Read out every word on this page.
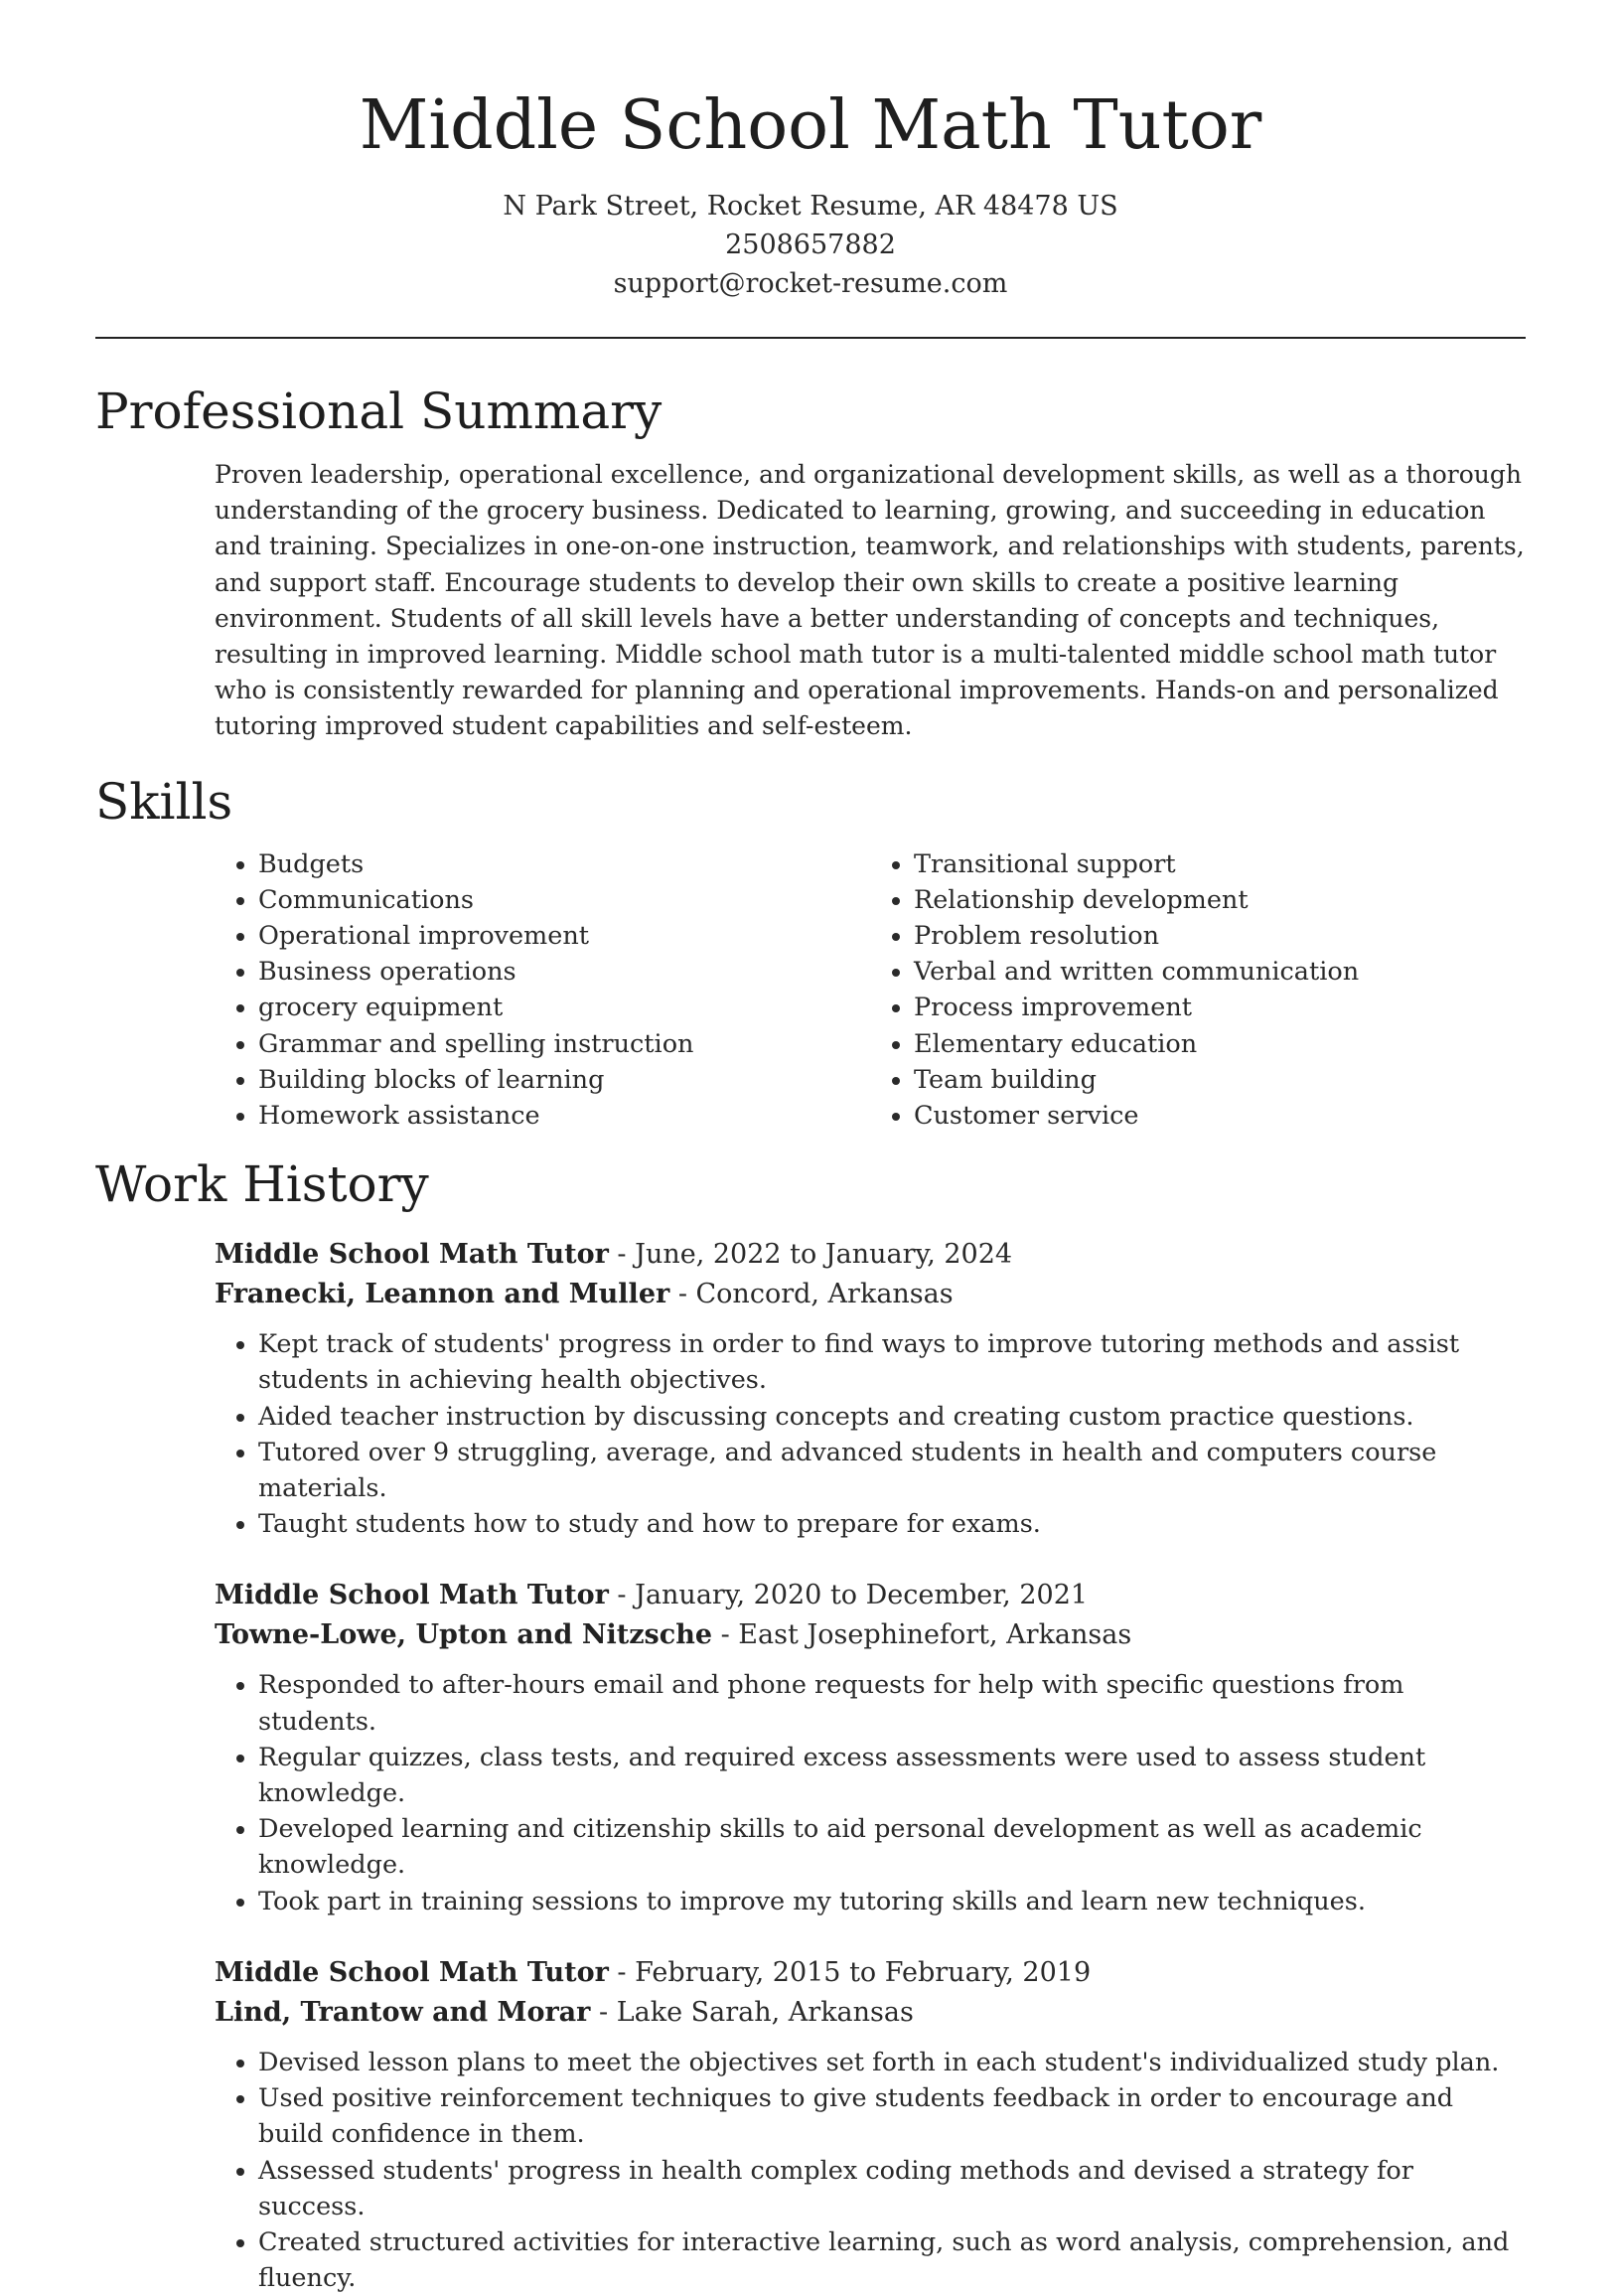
Middle School Math Tutor
N Park Street, Rocket Resume, AR 48478 US
2508657882
support@rocket-resume.com
Professional Summary

Proven leadership, operational excellence, and organizational development skills, as well as a thorough understanding of the grocery business. Dedicated to learning, growing, and succeeding in education and training. Specializes in one-on-one instruction, teamwork, and relationships with students, parents, and support staff. Encourage students to develop their own skills to create a positive learning environment. Students of all skill levels have a better understanding of concepts and techniques, resulting in improved learning. Middle school math tutor is a multi-talented middle school math tutor who is consistently rewarded for planning and operational improvements. Hands-on and personalized tutoring improved student capabilities and self-esteem.

Skills
• Budgets
• Communications
• Operational improvement
• Business operations
• grocery equipment
• Grammar and spelling instruction
• Building blocks of learning
• Homework assistance
• Transitional support
• Relationship development
• Problem resolution
• Verbal and written communication
• Process improvement
• Elementary education
• Team building
• Customer service
Work History
Middle School Math Tutor - June, 2022 to January, 2024
Franecki, Leannon and Muller - Concord, Arkansas
• Kept track of students' progress in order to find ways to improve tutoring methods and assist students in achieving health objectives.
• Aided teacher instruction by discussing concepts and creating custom practice questions.
• Tutored over 9 struggling, average, and advanced students in health and computers course materials.
• Taught students how to study and how to prepare for exams.
Middle School Math Tutor - January, 2020 to December, 2021
Towne-Lowe, Upton and Nitzsche - East Josephinefort, Arkansas
• Responded to after-hours email and phone requests for help with specific questions from students.
• Regular quizzes, class tests, and required excess assessments were used to assess student knowledge.
• Developed learning and citizenship skills to aid personal development as well as academic knowledge.
• Took part in training sessions to improve my tutoring skills and learn new techniques.
Middle School Math Tutor - February, 2015 to February, 2019
Lind, Trantow and Morar - Lake Sarah, Arkansas
• Devised lesson plans to meet the objectives set forth in each student's individualized study plan.
• Used positive reinforcement techniques to give students feedback in order to encourage and build confidence in them.
• Assessed students' progress in health complex coding methods and devised a strategy for success.
• Created structured activities for interactive learning, such as word analysis, comprehension, and fluency.
